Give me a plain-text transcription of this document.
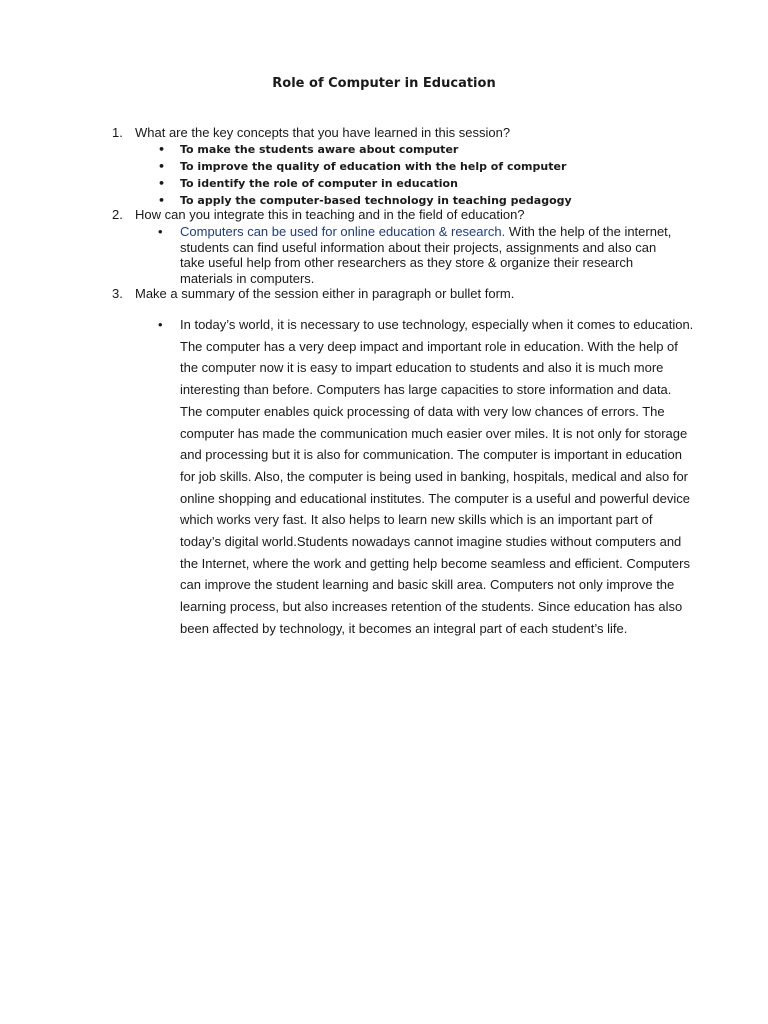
Role of Computer in Education

1. What are the key concepts that you have learned in this session?

• To make the students aware about computer
• To improve the quality of education with the help of computer
• To identify the role of computer in education
• To apply the computer-based technology in teaching pedagogy

2. How can you integrate this in teaching and in the field of education?

• Computers can be used for online education & research. With the help of the internet, students can find useful information about their projects, assignments and also can take useful help from other researchers as they store & organize their research materials in computers.

3. Make a summary of the session either in paragraph or bullet form.

• In today’s world, it is necessary to use technology, especially when it comes to education. The computer has a very deep impact and important role in education. With the help of the computer now it is easy to impart education to students and also it is much more interesting than before. Computers has large capacities to store information and data. The computer enables quick processing of data with very low chances of errors. The computer has made the communication much easier over miles. It is not only for storage and processing but it is also for communication. The computer is important in education for job skills. Also, the computer is being used in banking, hospitals, medical and also for online shopping and educational institutes. The computer is a useful and powerful device which works very fast. It also helps to learn new skills which is an important part of today’s digital world.Students nowadays cannot imagine studies without computers and the Internet, where the work and getting help become seamless and efficient. Computers can improve the student learning and basic skill area. Computers not only improve the learning process, but also increases retention of the students. Since education has also been affected by technology, it becomes an integral part of each student’s life.
